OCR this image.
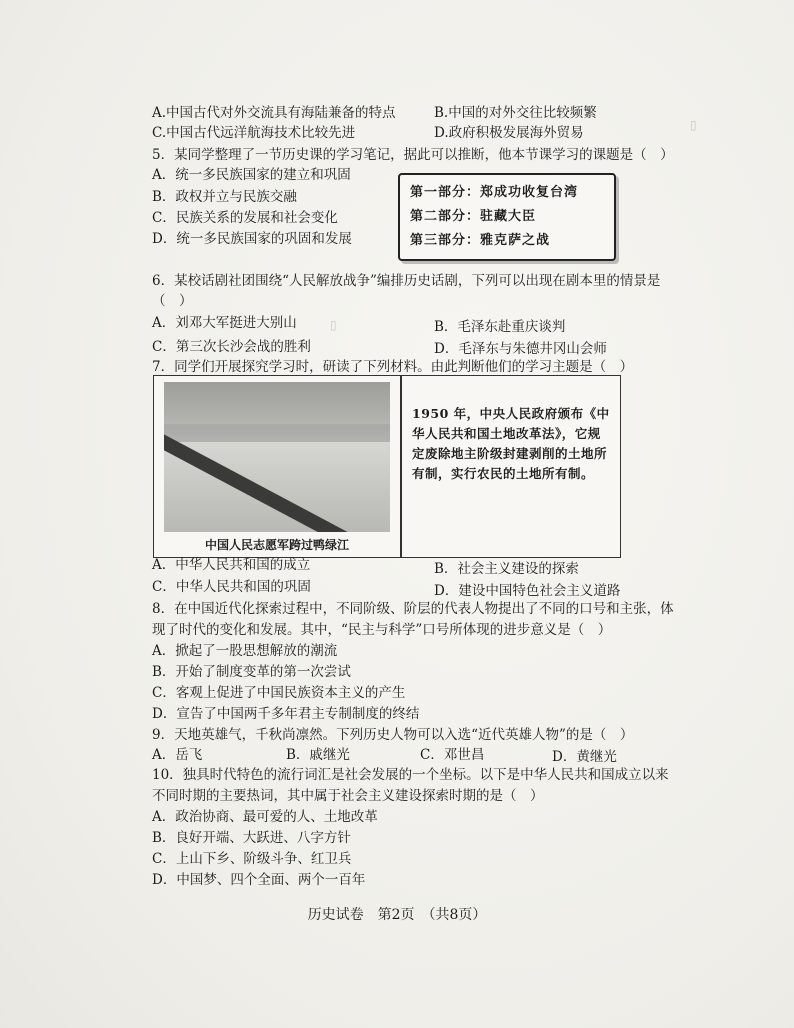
▯
▯
A.中国古代对外交流具有海陆兼备的特点	B.中国的对外交往比较频繁
C.中国古代远洋航海技术比较先进	D.政府积极发展海外贸易
5．某同学整理了一节历史课的学习笔记，据此可以推断，他本节课学习的课题是（　）
A．统一多民族国家的建立和巩固
B．政权并立与民族交融
C．民族关系的发展和社会变化
D．统一多民族国家的巩固和发展
第一部分：郑成功收复台湾
第二部分：驻藏大臣
第三部分：雅克萨之战
6．某校话剧社团围绕“人民解放战争”编排历史话剧，下列可以出现在剧本里的情景是
（　）
A．刘邓大军挺进大别山	B．毛泽东赴重庆谈判
C．第三次长沙会战的胜利	D．毛泽东与朱德井冈山会师
7．同学们开展探究学习时，研读了下列材料。由此判断他们的学习主题是（　）
中国人民志愿军跨过鸭绿江
1950 年，中央人民政府颁布《中华人民共和国土地改革法》，它规定废除地主阶级封建剥削的土地所有制，实行农民的土地所有制。
A．中华人民共和国的成立	B．社会主义建设的探索
C．中华人民共和国的巩固	D．建设中国特色社会主义道路
8．在中国近代化探索过程中，不同阶级、阶层的代表人物提出了不同的口号和主张，体
现了时代的变化和发展。其中，“民主与科学”口号所体现的进步意义是（　）
A．掀起了一股思想解放的潮流
B．开始了制度变革的第一次尝试
C．客观上促进了中国民族资本主义的产生
D．宣告了中国两千多年君主专制制度的终结
9．天地英雄气，千秋尚凛然。下列历史人物可以入选“近代英雄人物”的是（　）
A．岳飞	B．戚继光	C．邓世昌	D．黄继光
10．独具时代特色的流行词汇是社会发展的一个坐标。以下是中华人民共和国成立以来
不同时期的主要热词，其中属于社会主义建设探索时期的是（　）
A．政治协商、最可爱的人、土地改革
B．良好开端、大跃进、八字方针
C．上山下乡、阶级斗争、红卫兵
D．中国梦、四个全面、两个一百年
历史试卷　第2页　（共8页）
